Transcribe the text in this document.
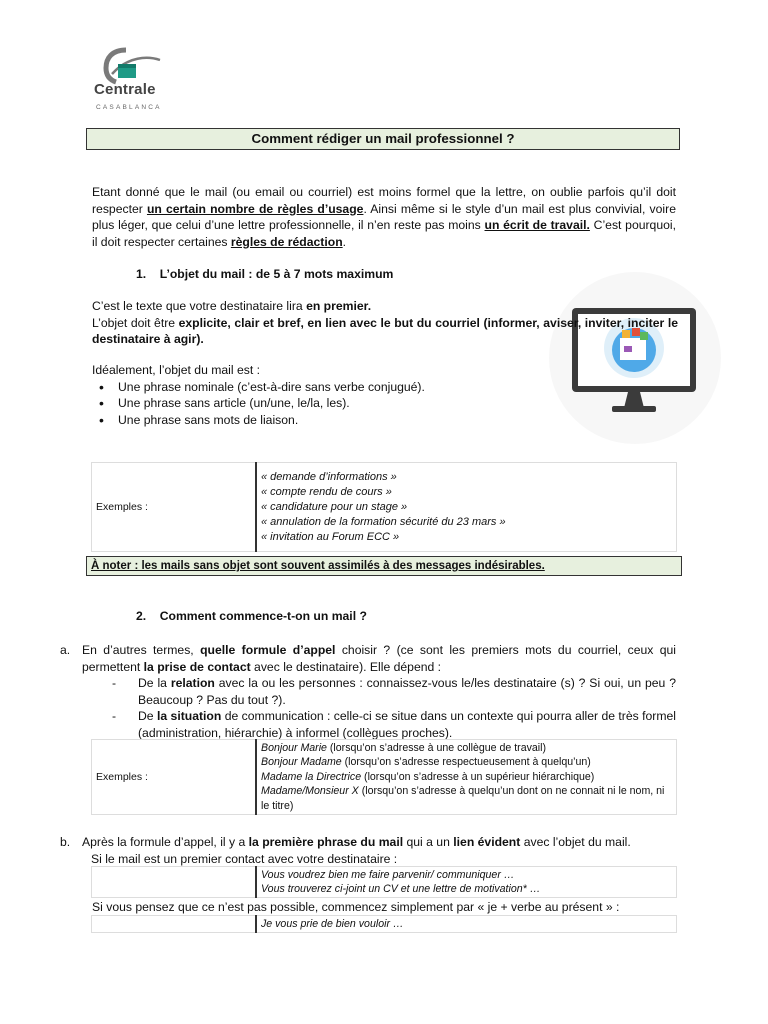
Centrale
CASABLANCA
Comment rédiger un mail professionnel ?
Etant donné que le mail (ou email ou courriel) est moins formel que la lettre, on oublie parfois qu’il doit respecter un certain nombre de règles d’usage. Ainsi même si le style d’un mail est plus convivial, voire plus léger, que celui d’une lettre professionnelle, il n’en reste pas moins un écrit de travail. C’est pourquoi, il doit respecter certaines règles de rédaction.
1.    L’objet du mail : de 5 à 7 mots maximum
C’est le texte que votre destinataire lira en premier.
L’objet doit être explicite, clair et bref, en lien avec le but du courriel (informer, aviser, inviter, inciter le destinataire à agir).
Idéalement, l’objet du mail est :
• Une phrase nominale (c’est-à-dire sans verbe conjugué).
• Une phrase sans article (un/une, le/la, les).
• Une phrase sans mots de liaison.
Exemples :	
« demande d’informations »
« compte rendu de cours »
« candidature pour un stage »
« annulation de la formation sécurité du 23 mars »
« invitation au Forum ECC »
À noter : les mails sans objet sont souvent assimilés à des messages indésirables.
2.    Comment commence-t-on un mail ?
a. En d’autres termes, quelle formule d’appel choisir ? (ce sont les premiers mots du courriel, ceux qui permettent la prise de contact avec le destinataire). Elle dépend :
- De la relation avec la ou les personnes : connaissez-vous le/les destinataire (s) ? Si oui, un peu ? Beaucoup ? Pas du tout ?).
- De la situation de communication : celle-ci se situe dans un contexte qui pourra aller de très formel (administration, hiérarchie) à informel (collègues proches).
Exemples :	
Bonjour Marie (lorsqu’on s’adresse à une collègue de travail)
Bonjour Madame (lorsqu’on s’adresse respectueusement à quelqu’un)
Madame la Directrice (lorsqu’on s’adresse à un supérieur hiérarchique)
Madame/Monsieur X (lorsqu’on s’adresse à quelqu’un dont on ne connait ni le nom, ni le titre)
b. Après la formule d’appel, il y a la première phrase du mail qui a un lien évident avec l’objet du mail.
Si le mail est un premier contact avec votre destinataire :

Vous voudrez bien me faire parvenir/ communiquer …
Vous trouverez ci-joint un CV et une lettre de motivation* …
Si vous pensez que ce n’est pas possible, commencez simplement par « je + verbe au présent » :
	Je vous prie de bien vouloir …
